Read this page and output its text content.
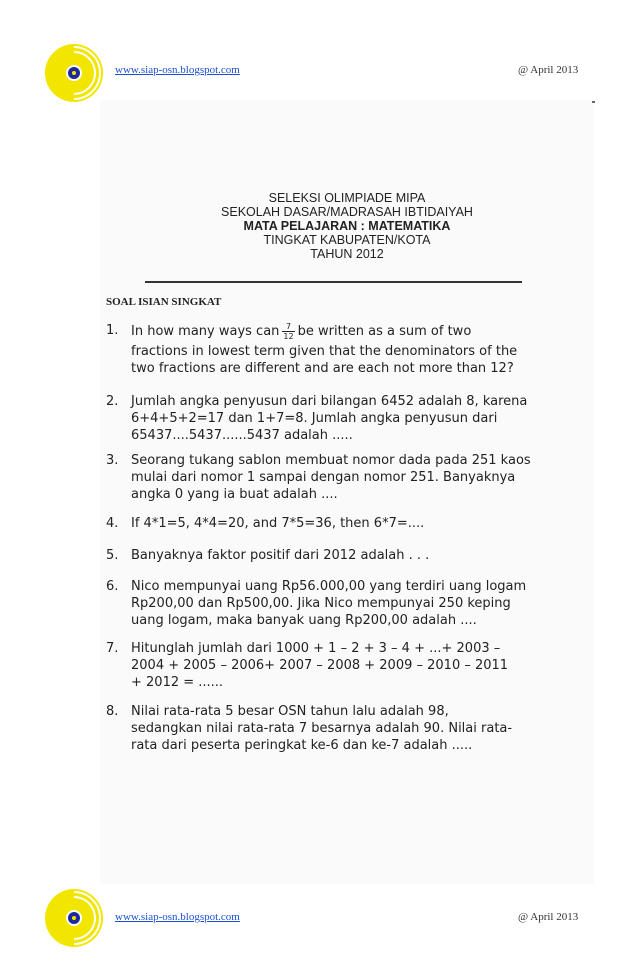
www.siap-osn.blogspot.com	@ April 2013
SELEKSI OLIMPIADE MIPA
SEKOLAH DASAR/MADRASAH IBTIDAIYAH
MATA PELAJARAN : MATEMATIKA
TINGKAT KABUPATEN/KOTA
TAHUN 2012
SOAL ISIAN SINGKAT
1. In how many ways can $\frac{7}{12}$ be written as a sum of two
fractions in lowest term given that the denominators of the
two fractions are different and are each not more than 12?
2. Jumlah angka penyusun dari bilangan 6452 adalah 8, karena
6+4+5+2=17 dan 1+7=8. Jumlah angka penyusun dari
65437....5437......5437 adalah .....
3. Seorang tukang sablon membuat nomor dada pada 251 kaos
mulai dari nomor 1 sampai dengan nomor 251. Banyaknya
angka 0 yang ia buat adalah ....
4. If 4*1=5, 4*4=20, and 7*5=36, then 6*7=....
5. Banyaknya faktor positif dari 2012 adalah . . .
6. Nico mempunyai uang Rp56.000,00 yang terdiri uang logam
Rp200,00 dan Rp500,00. Jika Nico mempunyai 250 keping
uang logam, maka banyak uang Rp200,00 adalah ....
7. Hitunglah jumlah dari 1000 + 1 – 2 + 3 – 4 + ...+ 2003 –
2004 + 2005 – 2006+ 2007 – 2008 + 2009 – 2010 – 2011
+ 2012 = ......
8. Nilai rata-rata 5 besar OSN tahun lalu adalah 98,
sedangkan nilai rata-rata 7 besarnya adalah 90. Nilai rata-
rata dari peserta peringkat ke-6 dan ke-7 adalah .....
www.siap-osn.blogspot.com	@ April 2013
